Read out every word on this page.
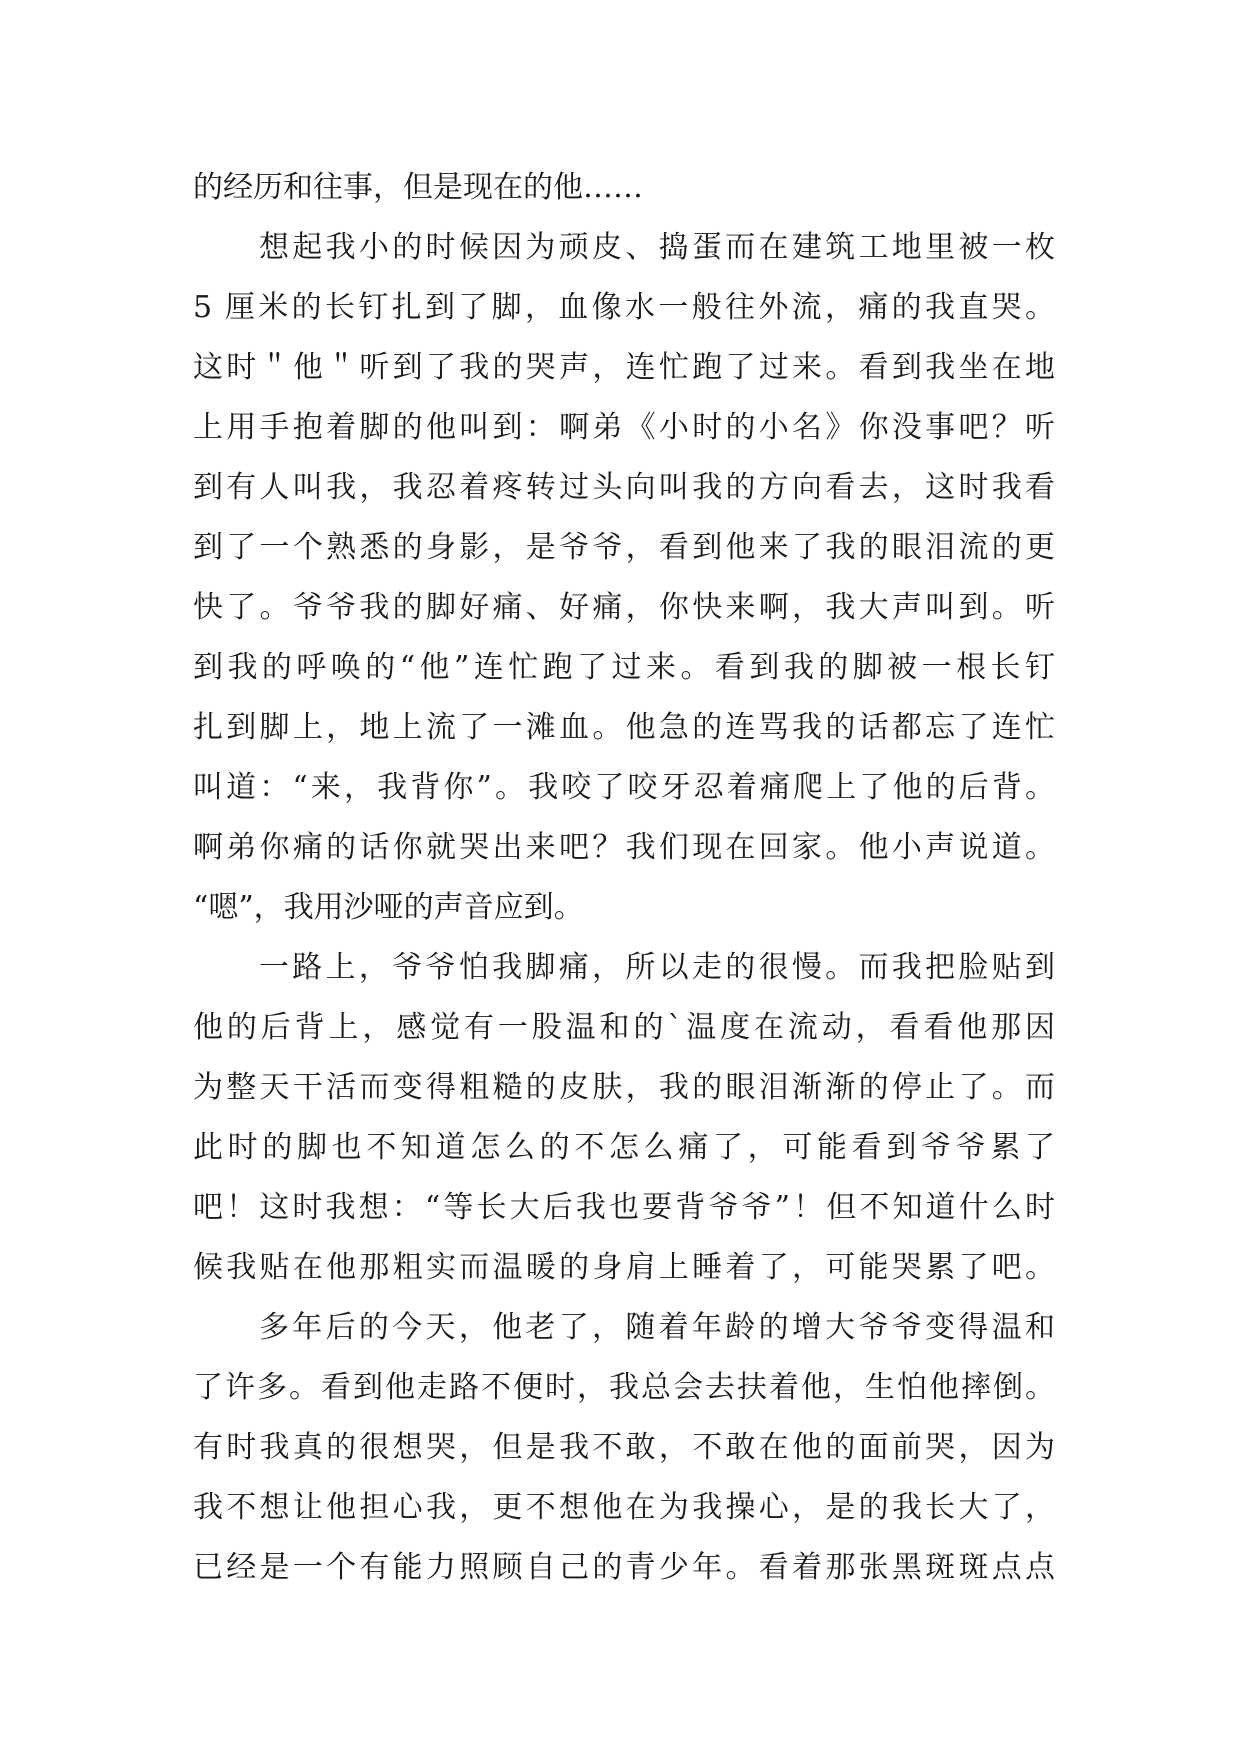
的经历和往事，但是现在的他……
想起我小的时候因为顽皮、捣蛋而在建筑工地里被一枚
5 厘米的长钉扎到了脚，血像水一般往外流，痛的我直哭。
这时＂他＂听到了我的哭声，连忙跑了过来。看到我坐在地
上用手抱着脚的他叫到：啊弟《小时的小名》你没事吧？听
到有人叫我，我忍着疼转过头向叫我的方向看去，这时我看
到了一个熟悉的身影，是爷爷，看到他来了我的眼泪流的更
快了。爷爷我的脚好痛、好痛，你快来啊，我大声叫到。听
到我的呼唤的“他”连忙跑了过来。看到我的脚被一根长钉
扎到脚上，地上流了一滩血。他急的连骂我的话都忘了连忙
叫道：“来，我背你”。我咬了咬牙忍着痛爬上了他的后背。
啊弟你痛的话你就哭出来吧？我们现在回家。他小声说道。
“嗯”，我用沙哑的声音应到。
一路上，爷爷怕我脚痛，所以走的很慢。而我把脸贴到
他的后背上，感觉有一股温和的`温度在流动，看看他那因
为整天干活而变得粗糙的皮肤，我的眼泪渐渐的停止了。而
此时的脚也不知道怎么的不怎么痛了，可能看到爷爷累了
吧！这时我想：“等长大后我也要背爷爷”！但不知道什么时
候我贴在他那粗实而温暖的身肩上睡着了，可能哭累了吧。
多年后的今天，他老了，随着年龄的增大爷爷变得温和
了许多。看到他走路不便时，我总会去扶着他，生怕他摔倒。
有时我真的很想哭，但是我不敢，不敢在他的面前哭，因为
我不想让他担心我，更不想他在为我操心，是的我长大了，
已经是一个有能力照顾自己的青少年。看着那张黑斑斑点点
